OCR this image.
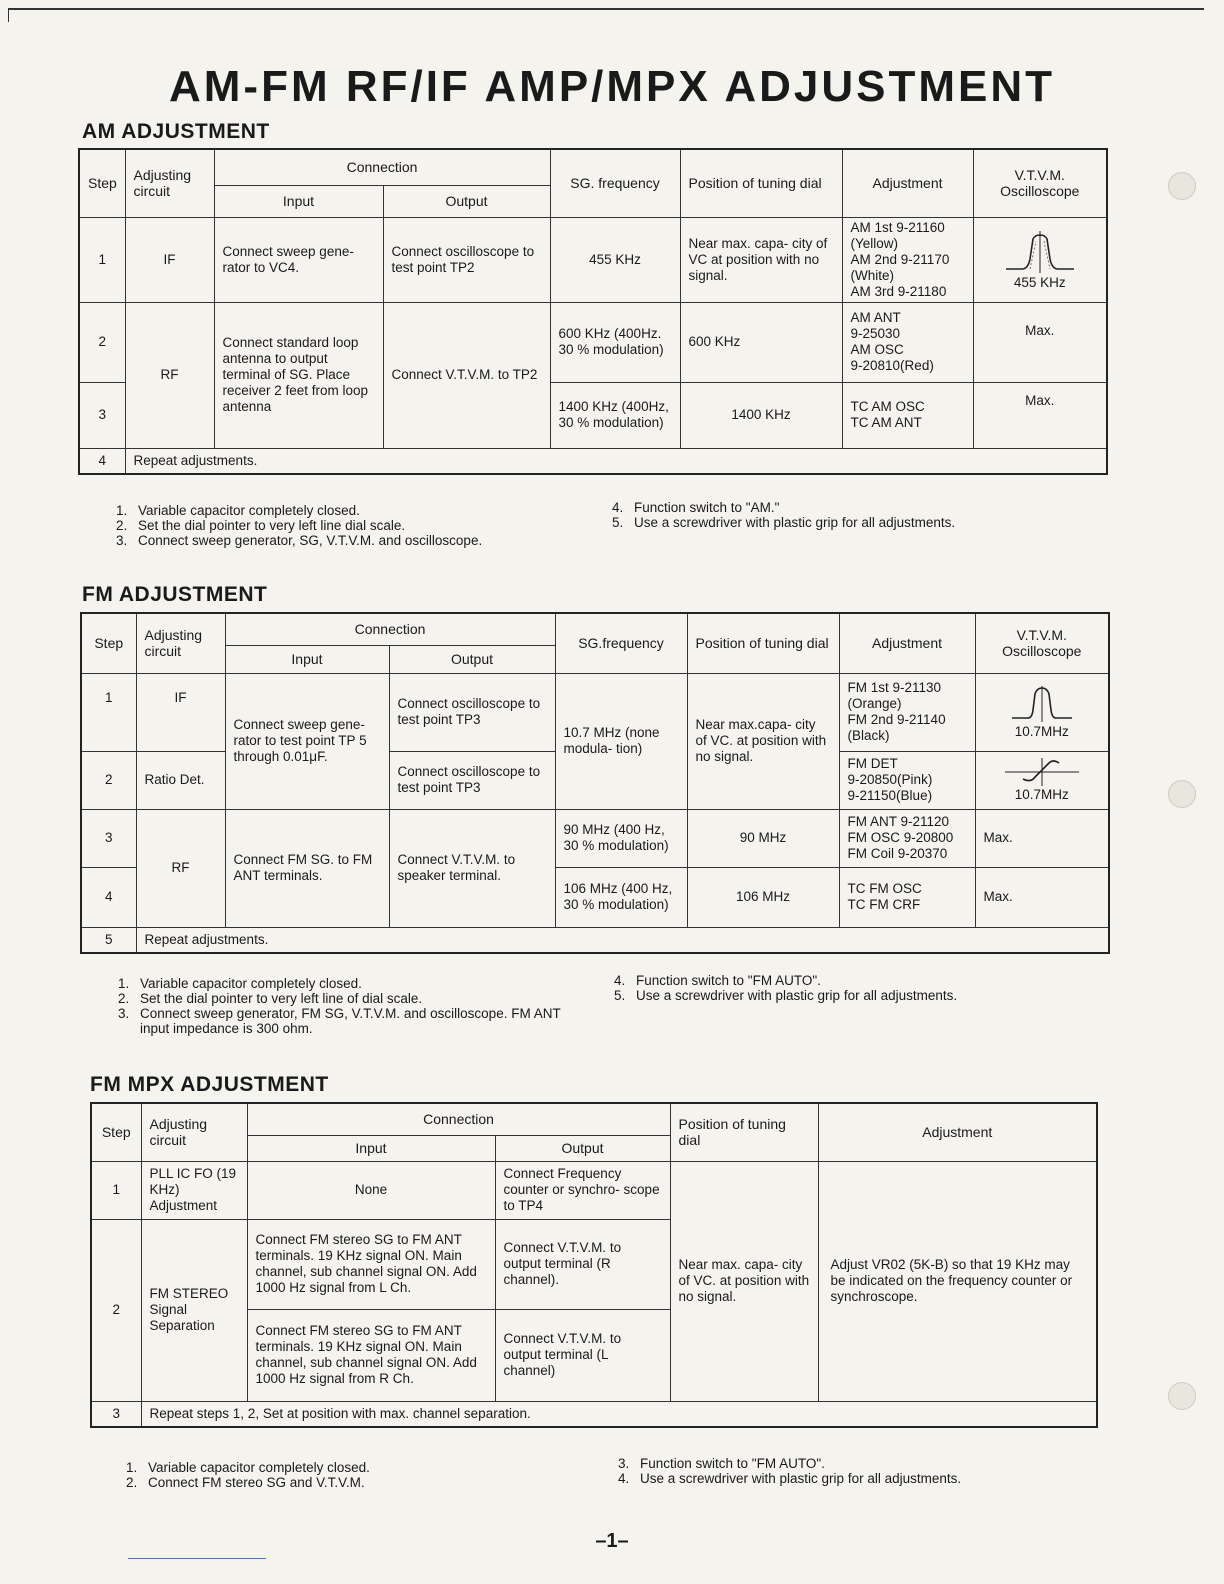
AM-FM RF/IF AMP/MPX ADJUSTMENT
AM ADJUSTMENT
Step	Adjusting circuit	Connection		SG. frequency	Position of tuning dial	Adjustment	V.T.V.M. Oscilloscope
		Input	Output				
1	IF	Connect sweep gene- rator to VC4.	Connect oscilloscope to test point TP2	455 KHz	Near max. capa- city of VC at position with no signal.	AM 1st 9-21160
(Yellow)
AM 2nd 9-21170
(White)
AM 3rd 9-21180	455 KHz

2	RF	Connect standard loop antenna to output terminal of SG. Place receiver 2 feet from loop antenna	Connect V.T.V.M. to TP2	600 KHz (400Hz. 30 % modulation)	600 KHz	AM ANT
9-25030
AM OSC
9-20810(Red)	Max.
3				1400 KHz (400Hz, 30 % modulation)	1400 KHz	TC AM OSC
TC AM ANT	Max.
4	Repeat adjustments.						
1. Variable capacitor completely closed.
2. Set the dial pointer to very left line dial scale.
3. Connect sweep generator, SG, V.T.V.M. and oscilloscope.
4. Function switch to "AM."
5. Use a screwdriver with plastic grip for all adjustments.
FM ADJUSTMENT
Step	Adjusting circuit	Connection		SG.frequency	Position of tuning dial	Adjustment	V.T.V.M. Oscilloscope
		Input	Output				
1	IF	Connect sweep gene- rator to test point TP 5 through 0.01μF.	Connect oscilloscope to test point TP3	10.7 MHz (none modula- tion)	Near max.capa- city of VC. at position with no signal.	FM 1st 9-21130
(Orange)
FM 2nd 9-21140
(Black)	10.7MHz

2	Ratio Det.		Connect oscilloscope to test point TP3			FM DET
9-20850(Pink)
9-21150(Blue)	10.7MHz

3	RF	Connect FM SG. to FM ANT terminals.	Connect V.T.V.M. to speaker terminal.	90 MHz (400 Hz, 30 % modulation)	90 MHz	FM ANT 9-21120
FM OSC 9-20800
FM Coil 9-20370	Max.
4				106 MHz (400 Hz, 30 % modulation)	106 MHz	TC FM OSC
TC FM CRF	Max.
5	Repeat adjustments.						
1. Variable capacitor completely closed.
2. Set the dial pointer to very left line of dial scale.
3. Connect sweep generator, FM SG, V.T.V.M. and oscilloscope. FM ANT input impedance is 300 ohm.
4. Function switch to "FM AUTO".
5. Use a screwdriver with plastic grip for all adjustments.
FM MPX ADJUSTMENT
Step	Adjusting circuit	Connection		Position of tuning dial	Adjustment
		Input	Output		
1	PLL IC FO (19 KHz) Adjustment	None	Connect Frequency counter or synchro- scope to TP4	Near max. capa- city of VC. at position with no signal.	Adjust VR02 (5K-B) so that 19 KHz may be indicated on the frequency counter or synchroscope.
2	FM STEREO Signal Separation	Connect FM stereo SG to FM ANT terminals. 19 KHz signal ON. Main channel, sub channel signal ON. Add 1000 Hz signal from L Ch.	Connect V.T.V.M. to output terminal (R channel).		
		Connect FM stereo SG to FM ANT terminals. 19 KHz signal ON. Main channel, sub channel signal ON. Add 1000 Hz signal from R Ch.	Connect V.T.V.M. to output terminal (L channel)		
3	Repeat steps 1, 2, Set at position with max. channel separation.				
1. Variable capacitor completely closed.
2. Connect FM stereo SG and V.T.V.M.
3. Function switch to "FM AUTO".
4. Use a screwdriver with plastic grip for all adjustments.
–1–
